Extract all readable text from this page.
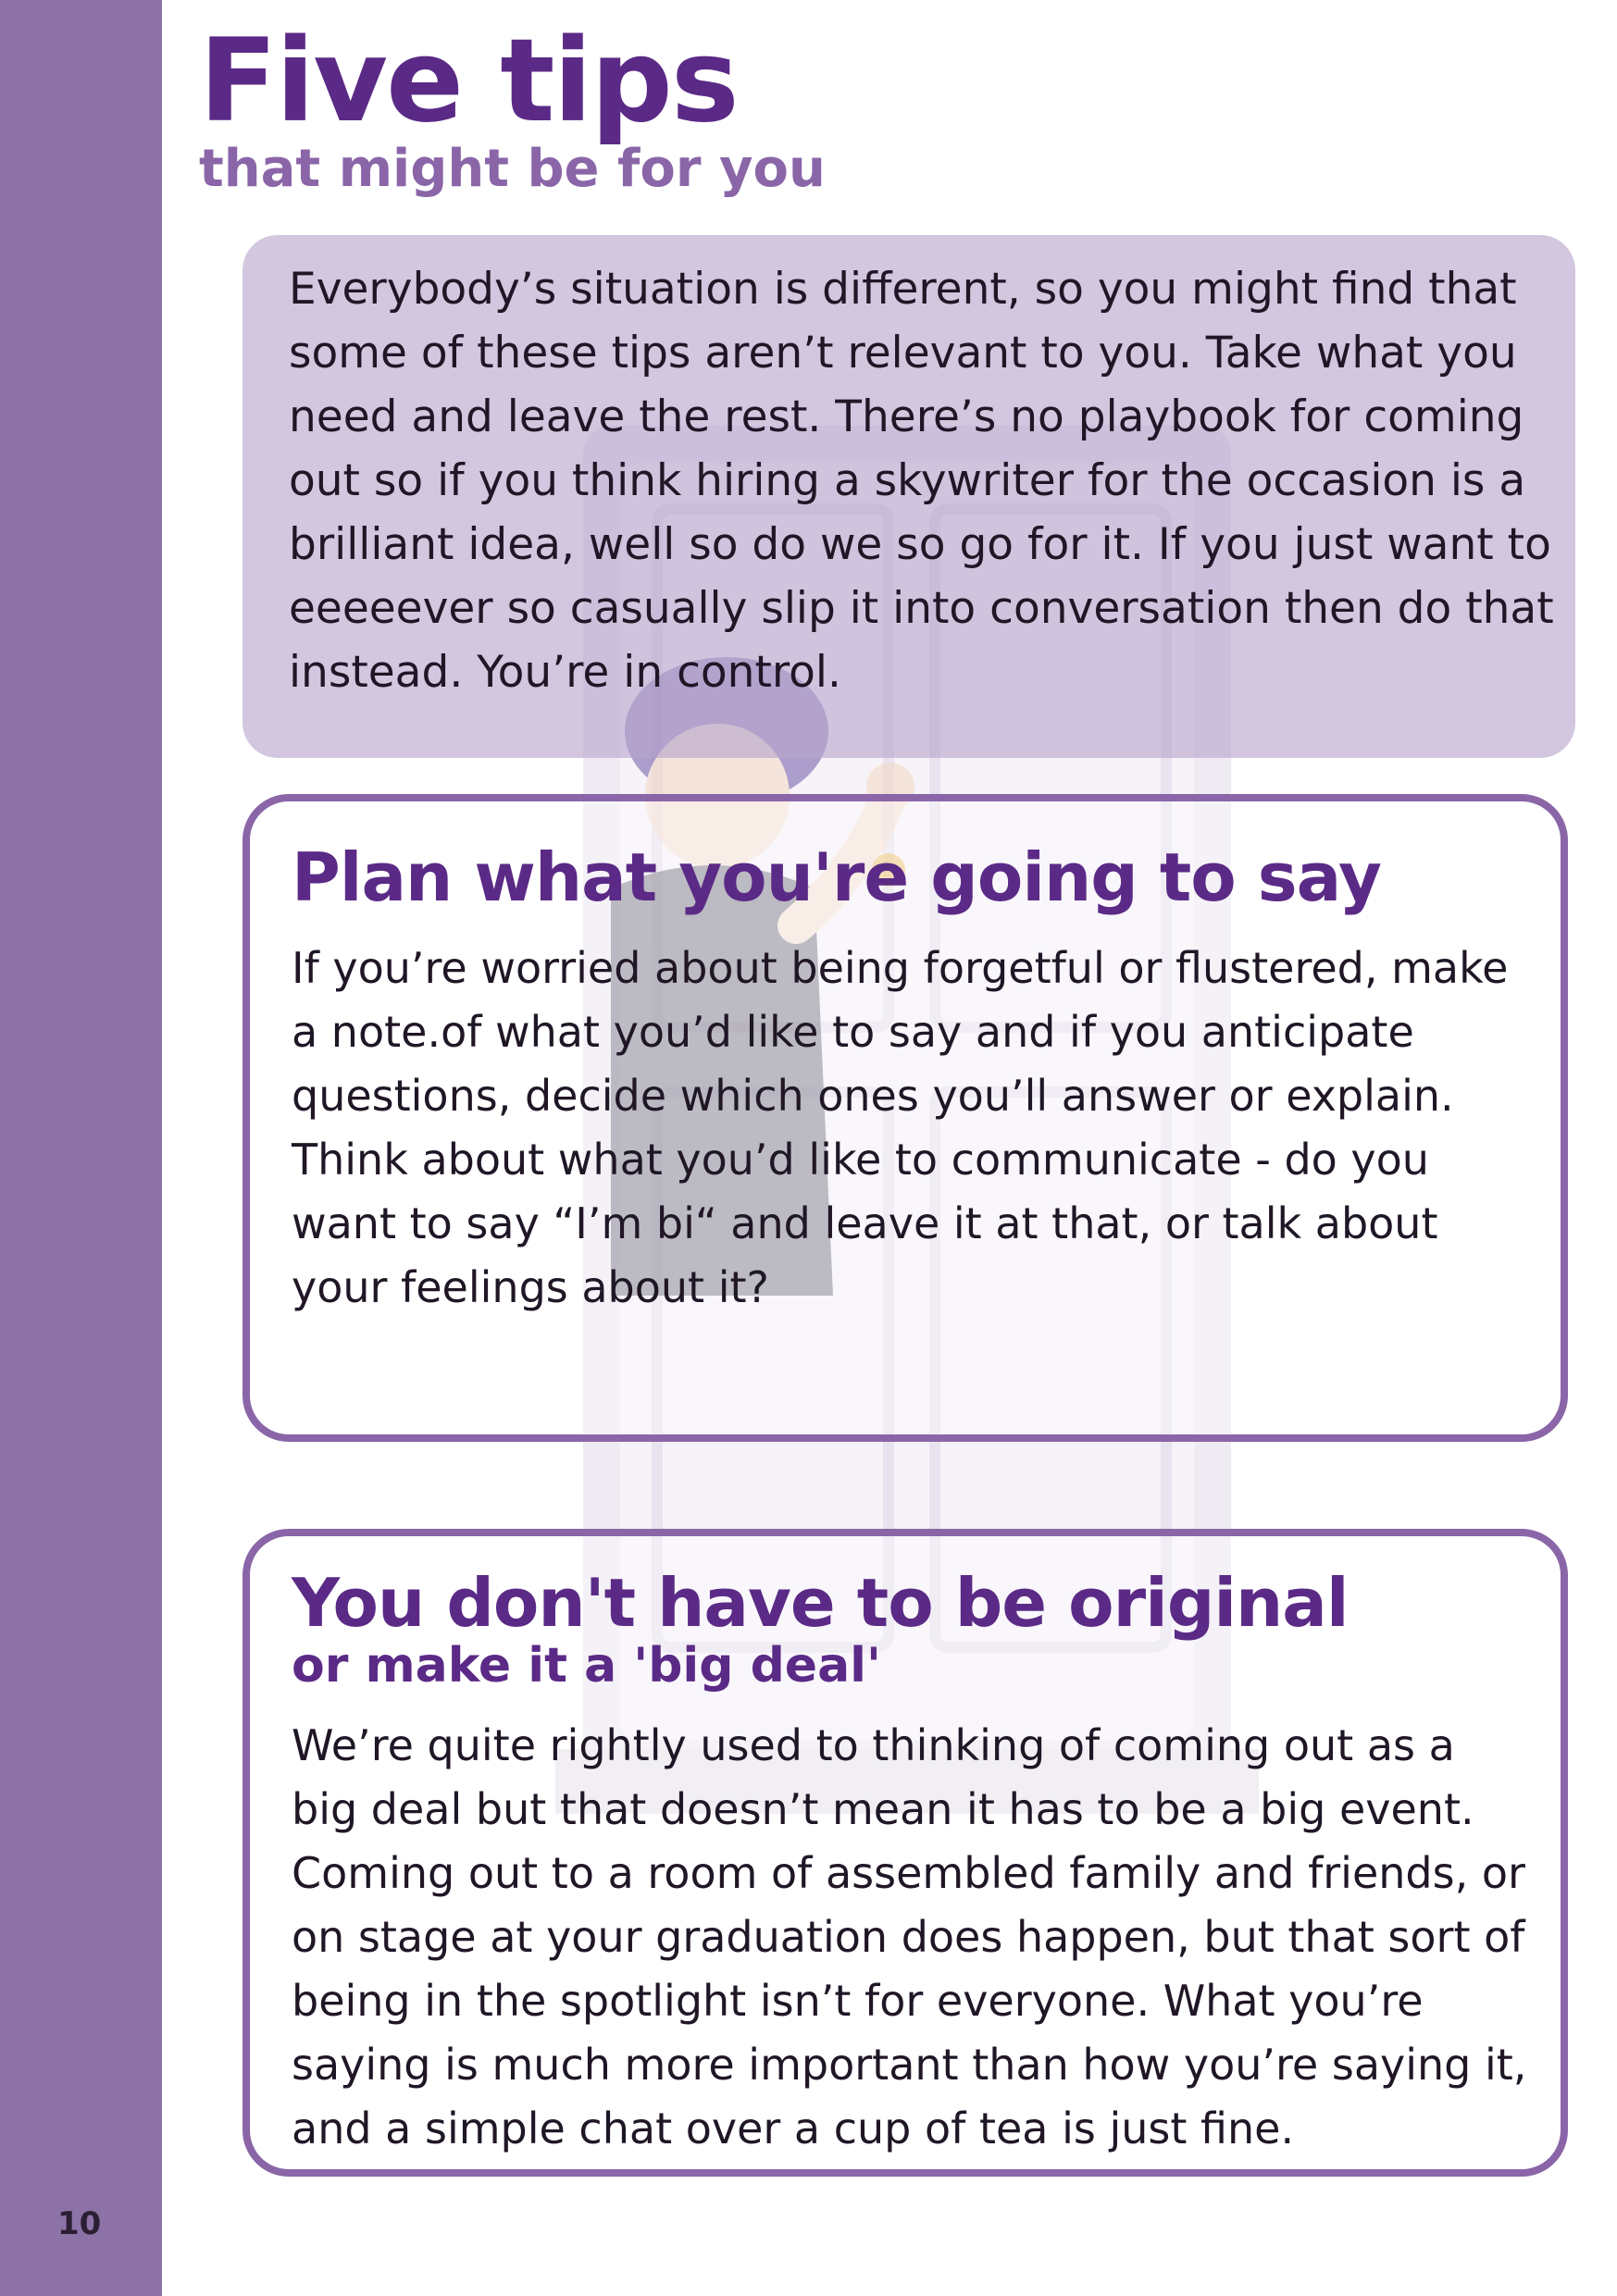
Five tips
that might be for you

Everybody’s situation is different, so you might find that some of these tips aren’t relevant to you. Take what you need and leave the rest. There’s no playbook for coming out so if you think hiring a skywriter for the occasion is a brilliant idea, well so do we so go for it. If you just want to eeeeever so casually slip it into conversation then do that instead. You’re in control.

Plan what you're going to say

If you’re worried about being forgetful or flustered, make a note.of what you’d like to say and if you anticipate questions, decide which ones you’ll answer or explain. Think about what you’d like to communicate - do you want to say “I’m bi“ and leave it at that, or talk about your feelings about it?

You don't have to be original
or make it a 'big deal'

We’re quite rightly used to thinking of coming out as a big deal but that doesn’t mean it has to be a big event. Coming out to a room of assembled family and friends, or on stage at your graduation does happen, but that sort of being in the spotlight isn’t for everyone. What you’re saying is much more important than how you’re saying it, and a simple chat over a cup of tea is just fine.

10
